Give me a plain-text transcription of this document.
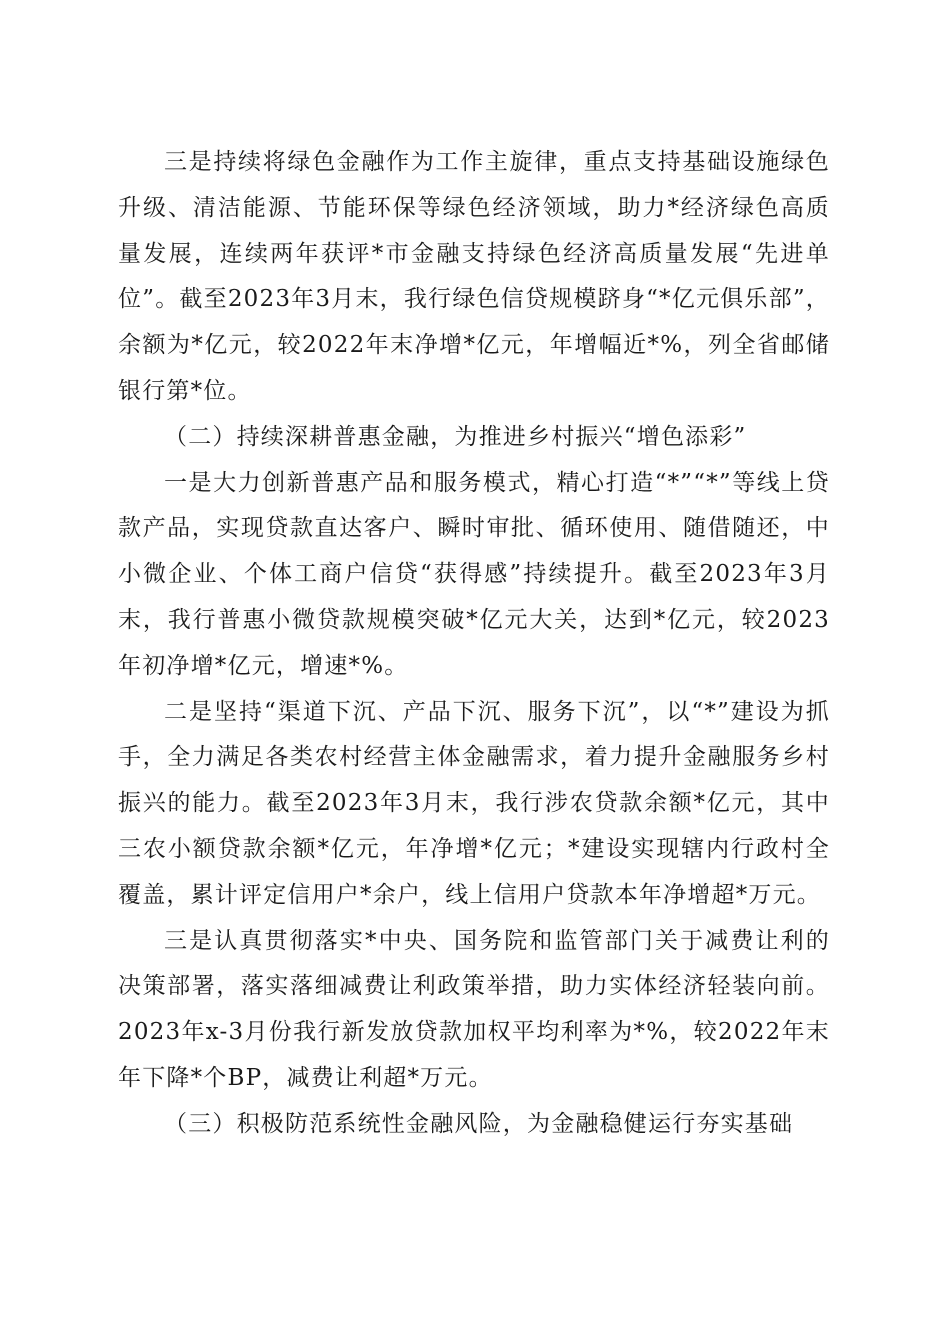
三是持续将绿色金融作为工作主旋律，重点支持基础设施绿色升级、清洁能源、节能环保等绿色经济领域，助力*经济绿色高质量发展，连续两年获评*市金融支持绿色经济高质量发展“先进单位”。截至2023年3月末，我行绿色信贷规模跻身“*亿元俱乐部”，余额为*亿元，较2022年末净增*亿元，年增幅近*%，列全省邮储银行第*位。

（二）持续深耕普惠金融，为推进乡村振兴“增色添彩”

一是大力创新普惠产品和服务模式，精心打造“*”“*”等线上贷款产品，实现贷款直达客户、瞬时审批、循环使用、随借随还，中小微企业、个体工商户信贷“获得感”持续提升。截至2023年3月末，我行普惠小微贷款规模突破*亿元大关，达到*亿元，较2023年初净增*亿元，增速*%。

二是坚持“渠道下沉、产品下沉、服务下沉”，以“*”建设为抓手，全力满足各类农村经营主体金融需求，着力提升金融服务乡村振兴的能力。截至2023年3月末，我行涉农贷款余额*亿元，其中三农小额贷款余额*亿元，年净增*亿元；*建设实现辖内行政村全覆盖，累计评定信用户*余户，线上信用户贷款本年净增超*万元。

三是认真贯彻落实*中央、国务院和监管部门关于减费让利的决策部署，落实落细减费让利政策举措，助力实体经济轻装向前。2023年x-3月份我行新发放贷款加权平均利率为*%，较2022年末年下降*个BP，减费让利超*万元。

（三）积极防范系统性金融风险，为金融稳健运行夯实基础
